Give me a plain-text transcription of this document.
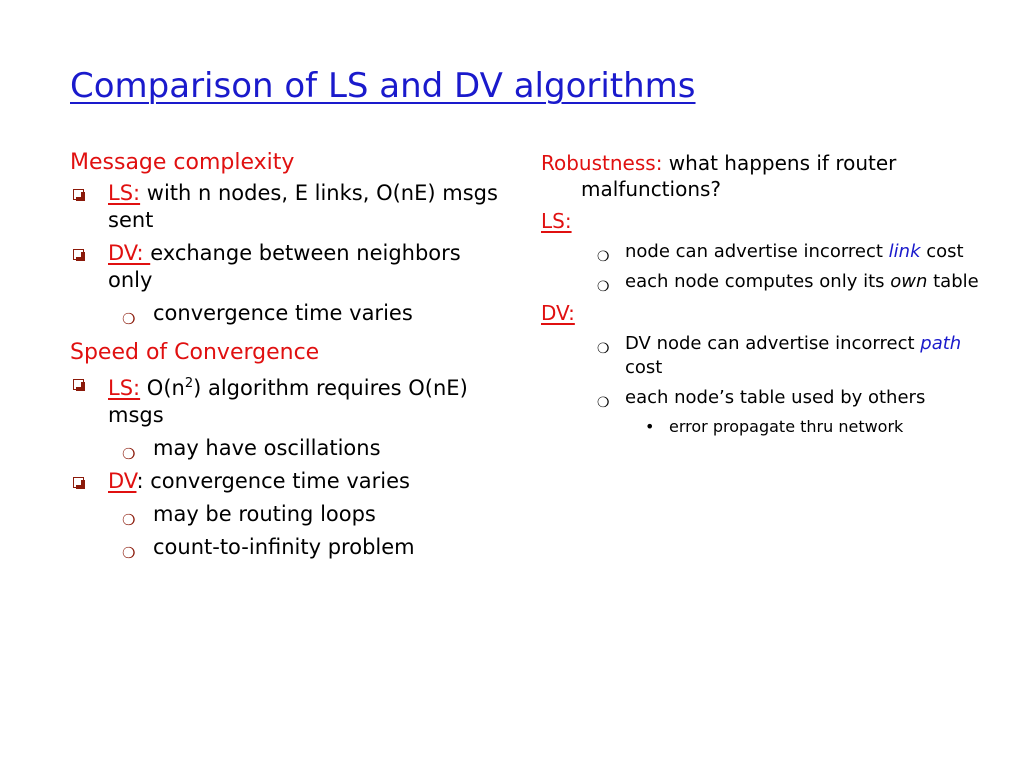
Comparison of LS and DV algorithms
Message complexity
LS: with n nodes, E links, O(nE) msgs sent
DV: exchange between neighbors only
❍ convergence time varies
Speed of Convergence
LS: $O(n^2)$ algorithm requires O(nE) msgs
❍ may have oscillations
DV: convergence time varies
❍ may be routing loops
❍ count-to-infinity problem
Robustness: what happens if router malfunctions?
LS:
❍ node can advertise incorrect link cost
❍ each node computes only its own table
DV:
❍ DV node can advertise incorrect path cost
❍ each node’s table used by others
• error propagate thru network
